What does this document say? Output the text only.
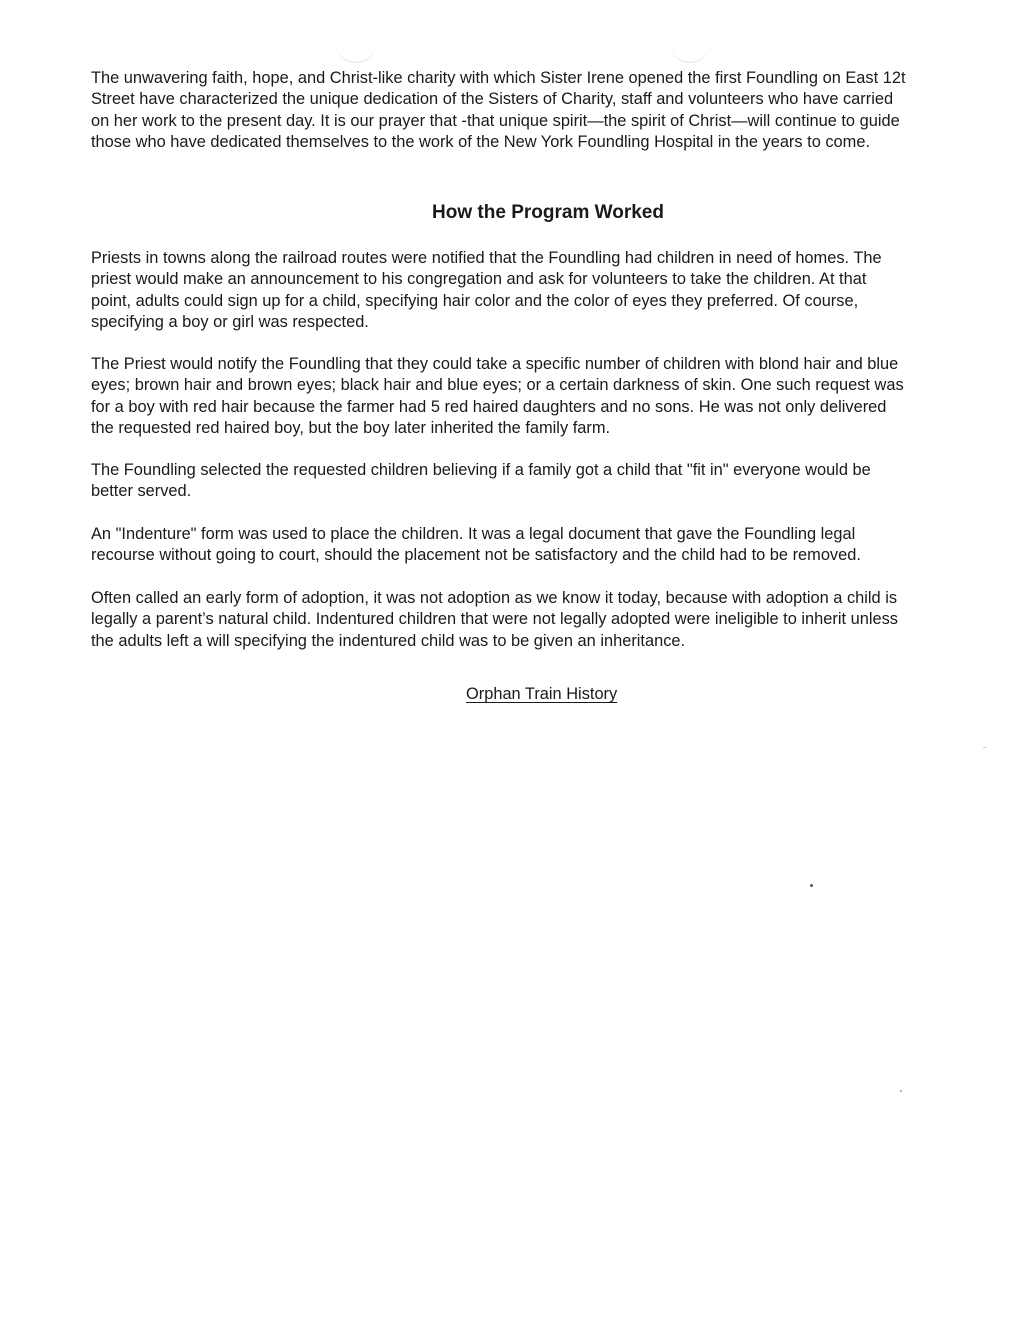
The unwavering faith, hope, and Christ-like charity with which Sister Irene opened the first Foundling on East 12t
Street have characterized the unique dedication of the Sisters of Charity, staff and volunteers who have carried
on her work to the present day. It is our prayer that -that unique spirit—the spirit of Christ—will continue to guide
those who have dedicated themselves to the work of the New York Foundling Hospital in the years to come.

How the Program Worked

Priests in towns along the railroad routes were notified that the Foundling had children in need of homes. The
priest would make an announcement to his congregation and ask for volunteers to take the children. At that
point, adults could sign up for a child, specifying hair color and the color of eyes they preferred. Of course,
specifying a boy or girl was respected.

The Priest would notify the Foundling that they could take a specific number of children with blond hair and blue
eyes; brown hair and brown eyes; black hair and blue eyes; or a certain darkness of skin. One such request was
for a boy with red hair because the farmer had 5 red haired daughters and no sons. He was not only delivered
the requested red haired boy, but the boy later inherited the family farm.

The Foundling selected the requested children believing if a family got a child that "fit in" everyone would be
better served.

An "Indenture" form was used to place the children. It was a legal document that gave the Foundling legal
recourse without going to court, should the placement not be satisfactory and the child had to be removed.

Often called an early form of adoption, it was not adoption as we know it today, because with adoption a child is
legally a parent’s natural child. Indentured children that were not legally adopted were ineligible to inherit unless
the adults left a will specifying the indentured child was to be given an inheritance.

Orphan Train History
